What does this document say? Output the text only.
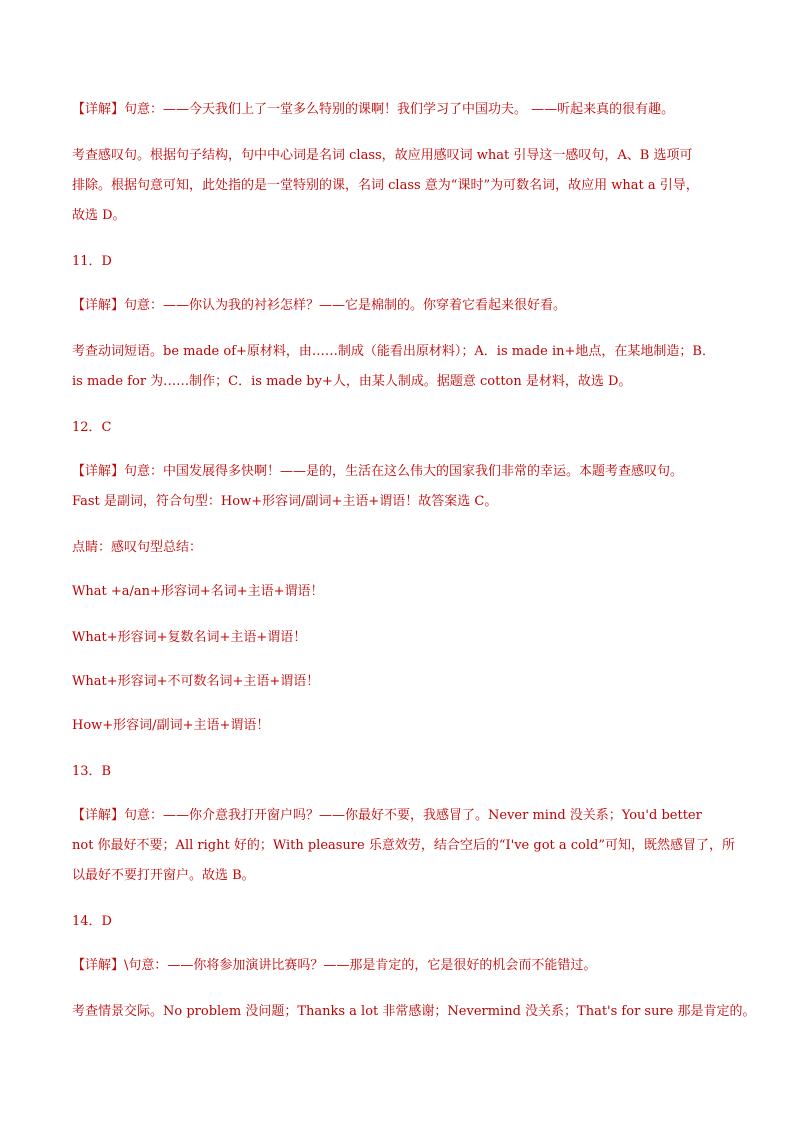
【详解】句意：——今天我们上了一堂多么特别的课啊！我们学习了中国功夫。 ——听起来真的很有趣。
考查感叹句。根据句子结构，句中中心词是名词 class，故应用感叹词 what 引导这一感叹句，A、B 选项可
排除。根据句意可知，此处指的是一堂特别的课，名词 class 意为“课时”为可数名词，故应用 what a 引导，
故选 D。
11．D
【详解】句意：——你认为我的衬衫怎样？——它是棉制的。你穿着它看起来很好看。
考查动词短语。be made of+原材料，由……制成（能看出原材料）；A．is made in+地点，在某地制造；B．
is made for 为……制作；C．is made by+人，由某人制成。据题意 cotton 是材料，故选 D。
12．C
【详解】句意：中国发展得多快啊！——是的，生活在这么伟大的国家我们非常的幸运。本题考查感叹句。
Fast 是副词，符合句型：How+形容词/副词+主语+谓语！故答案选 C。
点睛：感叹句型总结：
What +a/an+形容词+名词+主语+谓语！
What+形容词+复数名词+主语+谓语！
What+形容词+不可数名词+主语+谓语！
How+形容词/副词+主语+谓语！
13．B
【详解】句意：——你介意我打开窗户吗？——你最好不要，我感冒了。Never mind 没关系；You'd better
not 你最好不要；All right 好的；With pleasure 乐意效劳，结合空后的“I've got a cold”可知，既然感冒了，所
以最好不要打开窗户。故选 B。
14．D
【详解】\句意：——你将参加演讲比赛吗？——那是肯定的，它是很好的机会而不能错过。
考查情景交际。No problem 没问题；Thanks a lot 非常感谢；Nevermind 没关系；That's for sure 那是肯定的。
